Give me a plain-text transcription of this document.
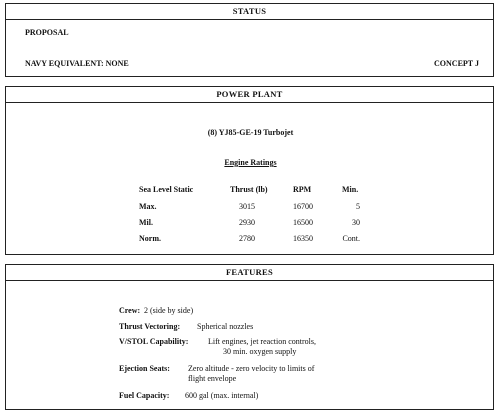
STATUS
PROPOSAL
NAVY EQUIVALENT: NONE	CONCEPT J
POWER PLANT
(8) YJ85-GE-19 Turbojet
Engine Ratings
Sea Level Static	Thrust (lb)	RPM	Min.
Max.	3015	16700	5
Mil.	2930	16500	30
Norm.	2780	16350	Cont.
FEATURES
Crew: 2 (side by side)
Thrust Vectoring: Spherical nozzles
V/STOL Capability: Lift engines, jet reaction controls,
30 min. oxygen supply
Ejection Seats: Zero altitude - zero velocity to limits of
flight envelope
Fuel Capacity: 600 gal (max. internal)
